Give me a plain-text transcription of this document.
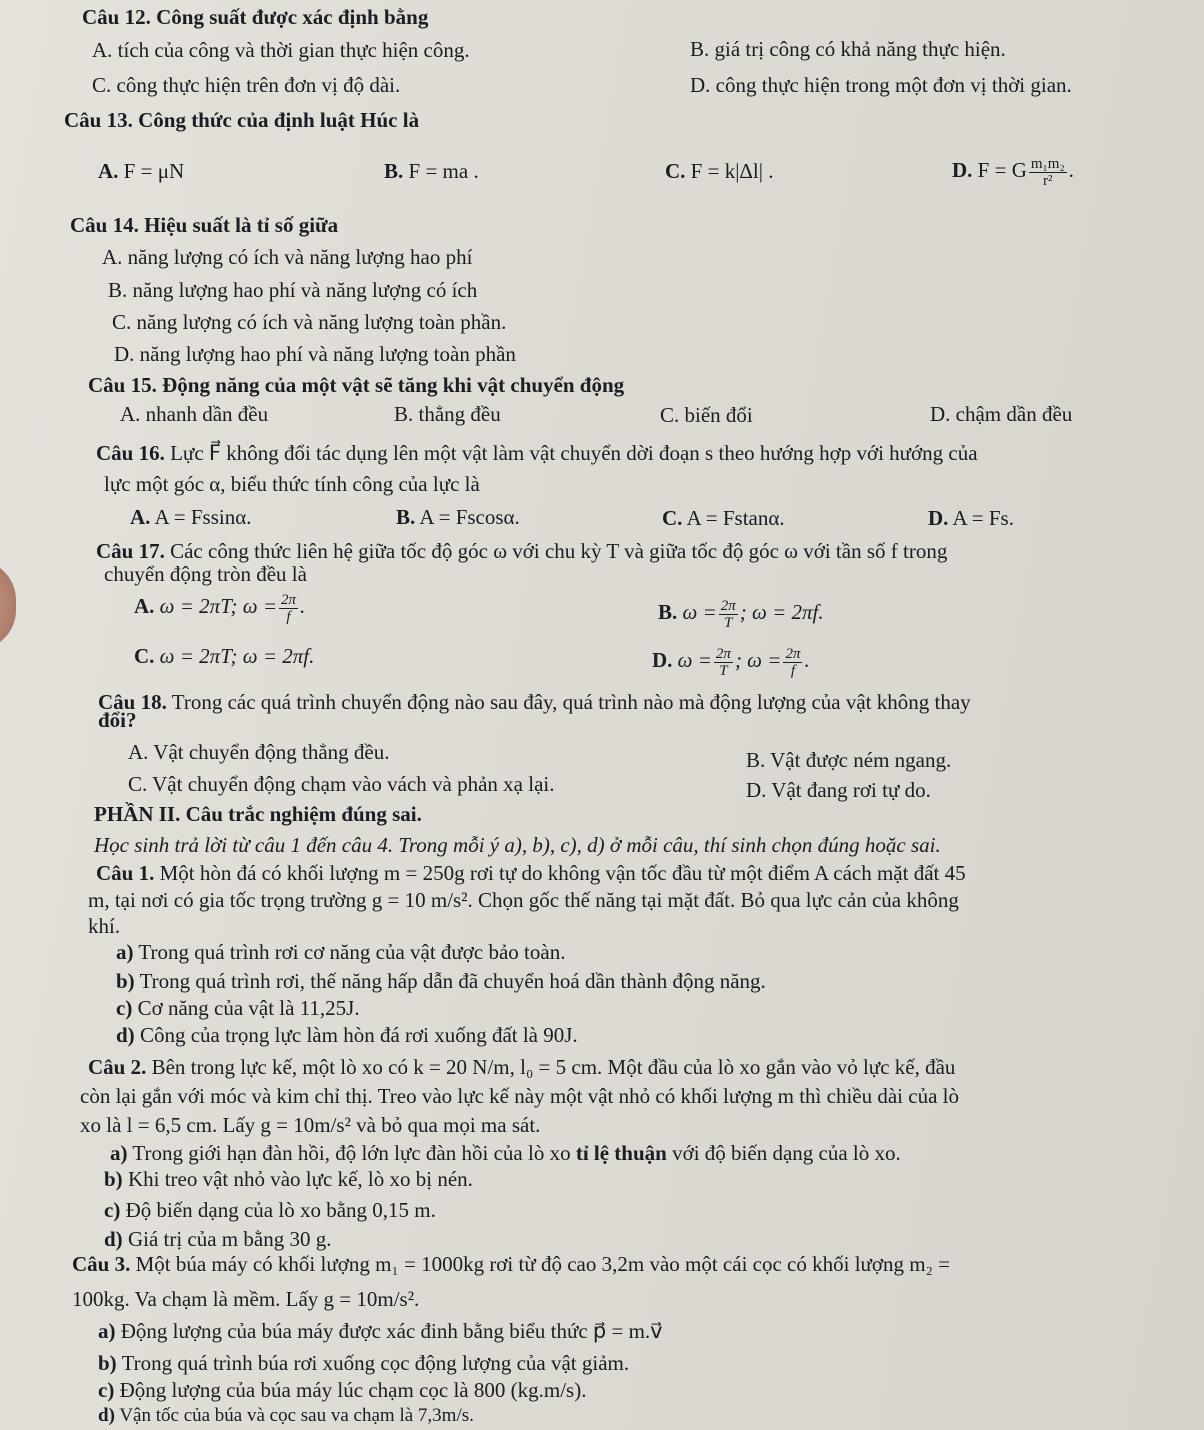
Câu 12. Công suất được xác định bằng
A. tích của công và thời gian thực hiện công.	B. giá trị công có khả năng thực hiện.
C. công thực hiện trên đơn vị độ dài.	D. công thực hiện trong một đơn vị thời gian.
Câu 13. Công thức của định luật Húc là
A. F = μN	B. F = ma .	C. F = k|Δl| .	D. F = G $\frac{\text{m₁m₂}}{\text{r²}}$ .
Câu 14. Hiệu suất là tỉ số giữa
A. năng lượng có ích và năng lượng hao phí
B. năng lượng hao phí và năng lượng có ích
C. năng lượng có ích và năng lượng toàn phần.
D. năng lượng hao phí và năng lượng toàn phần
Câu 15. Động năng của một vật sẽ tăng khi vật chuyển động
A. nhanh dần đều	B. thẳng đều	C. biến đổi	D. chậm dần đều
Câu 16. Lực F⃗ không đổi tác dụng lên một vật làm vật chuyển dời đoạn s theo hướng hợp với hướng của
lực một góc α, biểu thức tính công của lực là
A. A = Fssinα.	B. A = Fscosα.	C. A = Fstanα.	D. A = Fs.
Câu 17. Các công thức liên hệ giữa tốc độ góc ω với chu kỳ T và giữa tốc độ góc ω với tần số f trong
chuyển động tròn đều là
A. ω = 2πT; $\omega = \frac{2\pi}{f}$ .	B. $\omega = \frac{2\pi}{T}$ ; ω = 2πf.
C. ω = 2πT; ω = 2πf.	D. $\omega = \frac{2\pi}{T}$ ; $\omega = \frac{2\pi}{f}$ .
Câu 18. Trong các quá trình chuyển động nào sau đây, quá trình nào mà động lượng của vật không thay
đổi?
A. Vật chuyển động thẳng đều.	B. Vật được ném ngang.
C. Vật chuyển động chạm vào vách và phản xạ lại.	D. Vật đang rơi tự do.
PHẦN II. Câu trắc nghiệm đúng sai.
Học sinh trả lời từ câu 1 đến câu 4. Trong mỗi ý a), b), c), d) ở mỗi câu, thí sinh chọn đúng hoặc sai.
Câu 1. Một hòn đá có khối lượng m = 250g rơi tự do không vận tốc đầu từ một điểm A cách mặt đất 45
m, tại nơi có gia tốc trọng trường g = 10 m/s². Chọn gốc thế năng tại mặt đất. Bỏ qua lực cản của không
khí.
a) Trong quá trình rơi cơ năng của vật được bảo toàn.
b) Trong quá trình rơi, thế năng hấp dẫn đã chuyển hoá dần thành động năng.
c) Cơ năng của vật là 11,25J.
d) Công của trọng lực làm hòn đá rơi xuống đất là 90J.
Câu 2. Bên trong lực kế, một lò xo có k = 20 N/m, l₀ = 5 cm. Một đầu của lò xo gắn vào vỏ lực kế, đầu
còn lại gắn với móc và kim chỉ thị. Treo vào lực kế này một vật nhỏ có khối lượng m thì chiều dài của lò
xo là l = 6,5 cm. Lấy g = 10m/s² và bỏ qua mọi ma sát.
a) Trong giới hạn đàn hồi, độ lớn lực đàn hồi của lò xo tỉ lệ thuận với độ biến dạng của lò xo.
b) Khi treo vật nhỏ vào lực kế, lò xo bị nén.
c) Độ biến dạng của lò xo bằng 0,15 m.
d) Giá trị của m bằng 30 g.
Câu 3. Một búa máy có khối lượng m₁ = 1000kg rơi từ độ cao 3,2m vào một cái cọc có khối lượng m₂ =
100kg. Va chạm là mềm. Lấy g = 10m/s².
a) Động lượng của búa máy được xác đinh bằng biểu thức p⃗ = m.v⃗
b) Trong quá trình búa rơi xuống cọc động lượng của vật giảm.
c) Động lượng của búa máy lúc chạm cọc là 800 (kg.m/s).
d) Vận tốc của búa và cọc sau va chạm là 7,3m/s.
